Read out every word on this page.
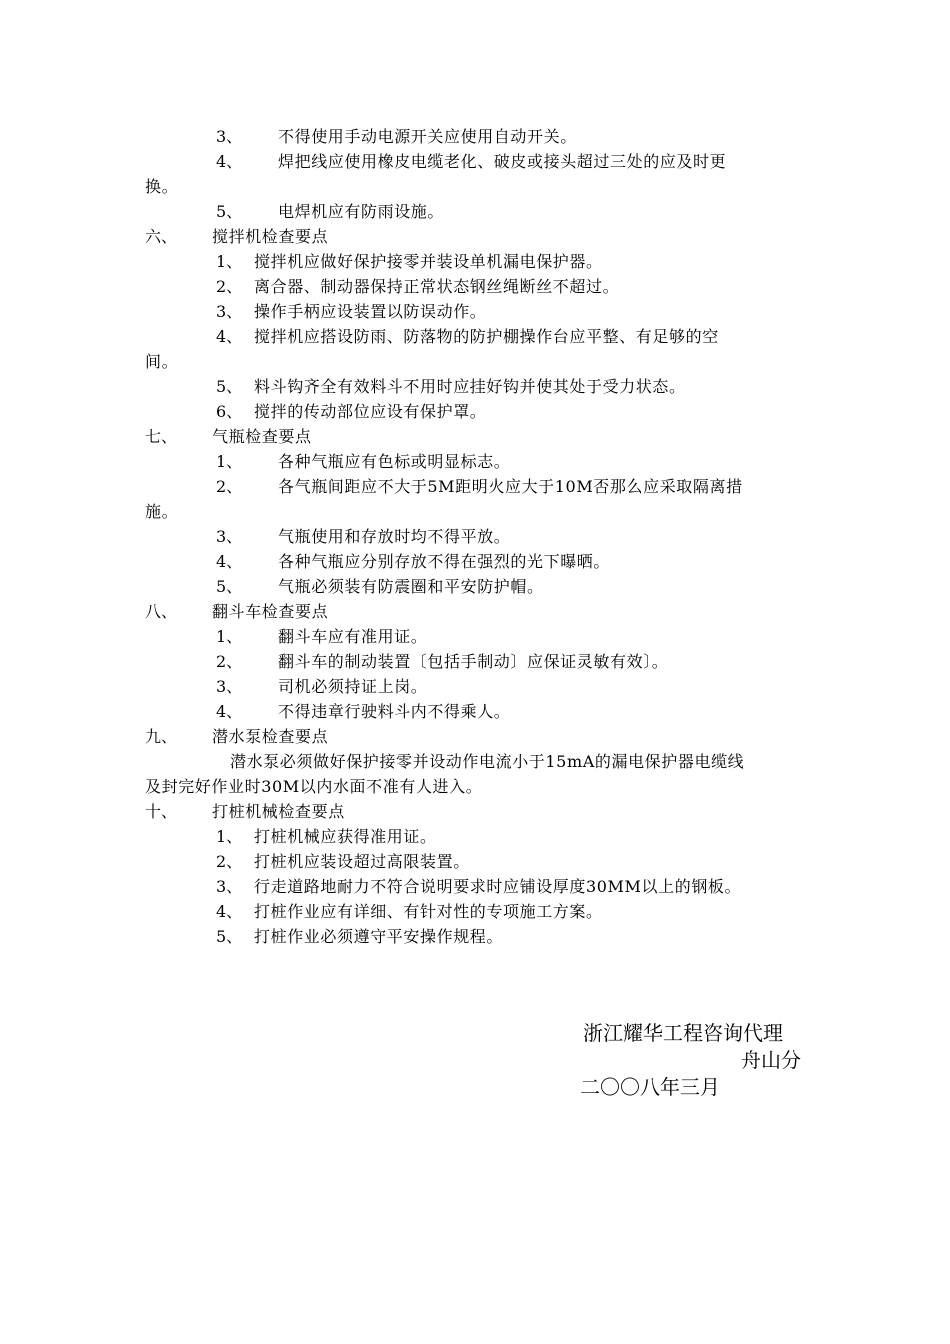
3、 不得使用手动电源开关应使用自动开关。
4、 焊把线应使用橡皮电缆老化、破皮或接头超过三处的应及时更
换。
5、 电焊机应有防雨设施。
六、 搅拌机检查要点
1、 搅拌机应做好保护接零并装设单机漏电保护器。
2、 离合器、制动器保持正常状态钢丝绳断丝不超过。
3、 操作手柄应设装置以防误动作。
4、 搅拌机应搭设防雨、防落物的防护棚操作台应平整、有足够的空
间。
5、 料斗钩齐全有效料斗不用时应挂好钩并使其处于受力状态。
6、 搅拌的传动部位应设有保护罩。
七、 气瓶检查要点
1、 各种气瓶应有色标或明显标志。
2、 各气瓶间距应不大于5M距明火应大于10M否那么应采取隔离措
施。
3、 气瓶使用和存放时均不得平放。
4、 各种气瓶应分别存放不得在强烈的光下曝晒。
5、 气瓶必须装有防震圈和平安防护帽。
八、 翻斗车检查要点
1、 翻斗车应有准用证。
2、 翻斗车的制动装置〔包括手制动〕应保证灵敏有效〕。
3、 司机必须持证上岗。
4、 不得违章行驶料斗内不得乘人。
九、 潜水泵检查要点
潜水泵必须做好保护接零并设动作电流小于15mA的漏电保护器电缆线
及封完好作业时30M以内水面不准有人进入。
十、 打桩机械检查要点
1、 打桩机械应获得准用证。
2、 打桩机应装设超过高限装置。
3、 行走道路地耐力不符合说明要求时应铺设厚度30MM以上的钢板。
4、 打桩作业应有详细、有针对性的专项施工方案。
5、 打桩作业必须遵守平安操作规程。
浙江耀华工程咨询代理
舟山分
二〇〇八年三月
